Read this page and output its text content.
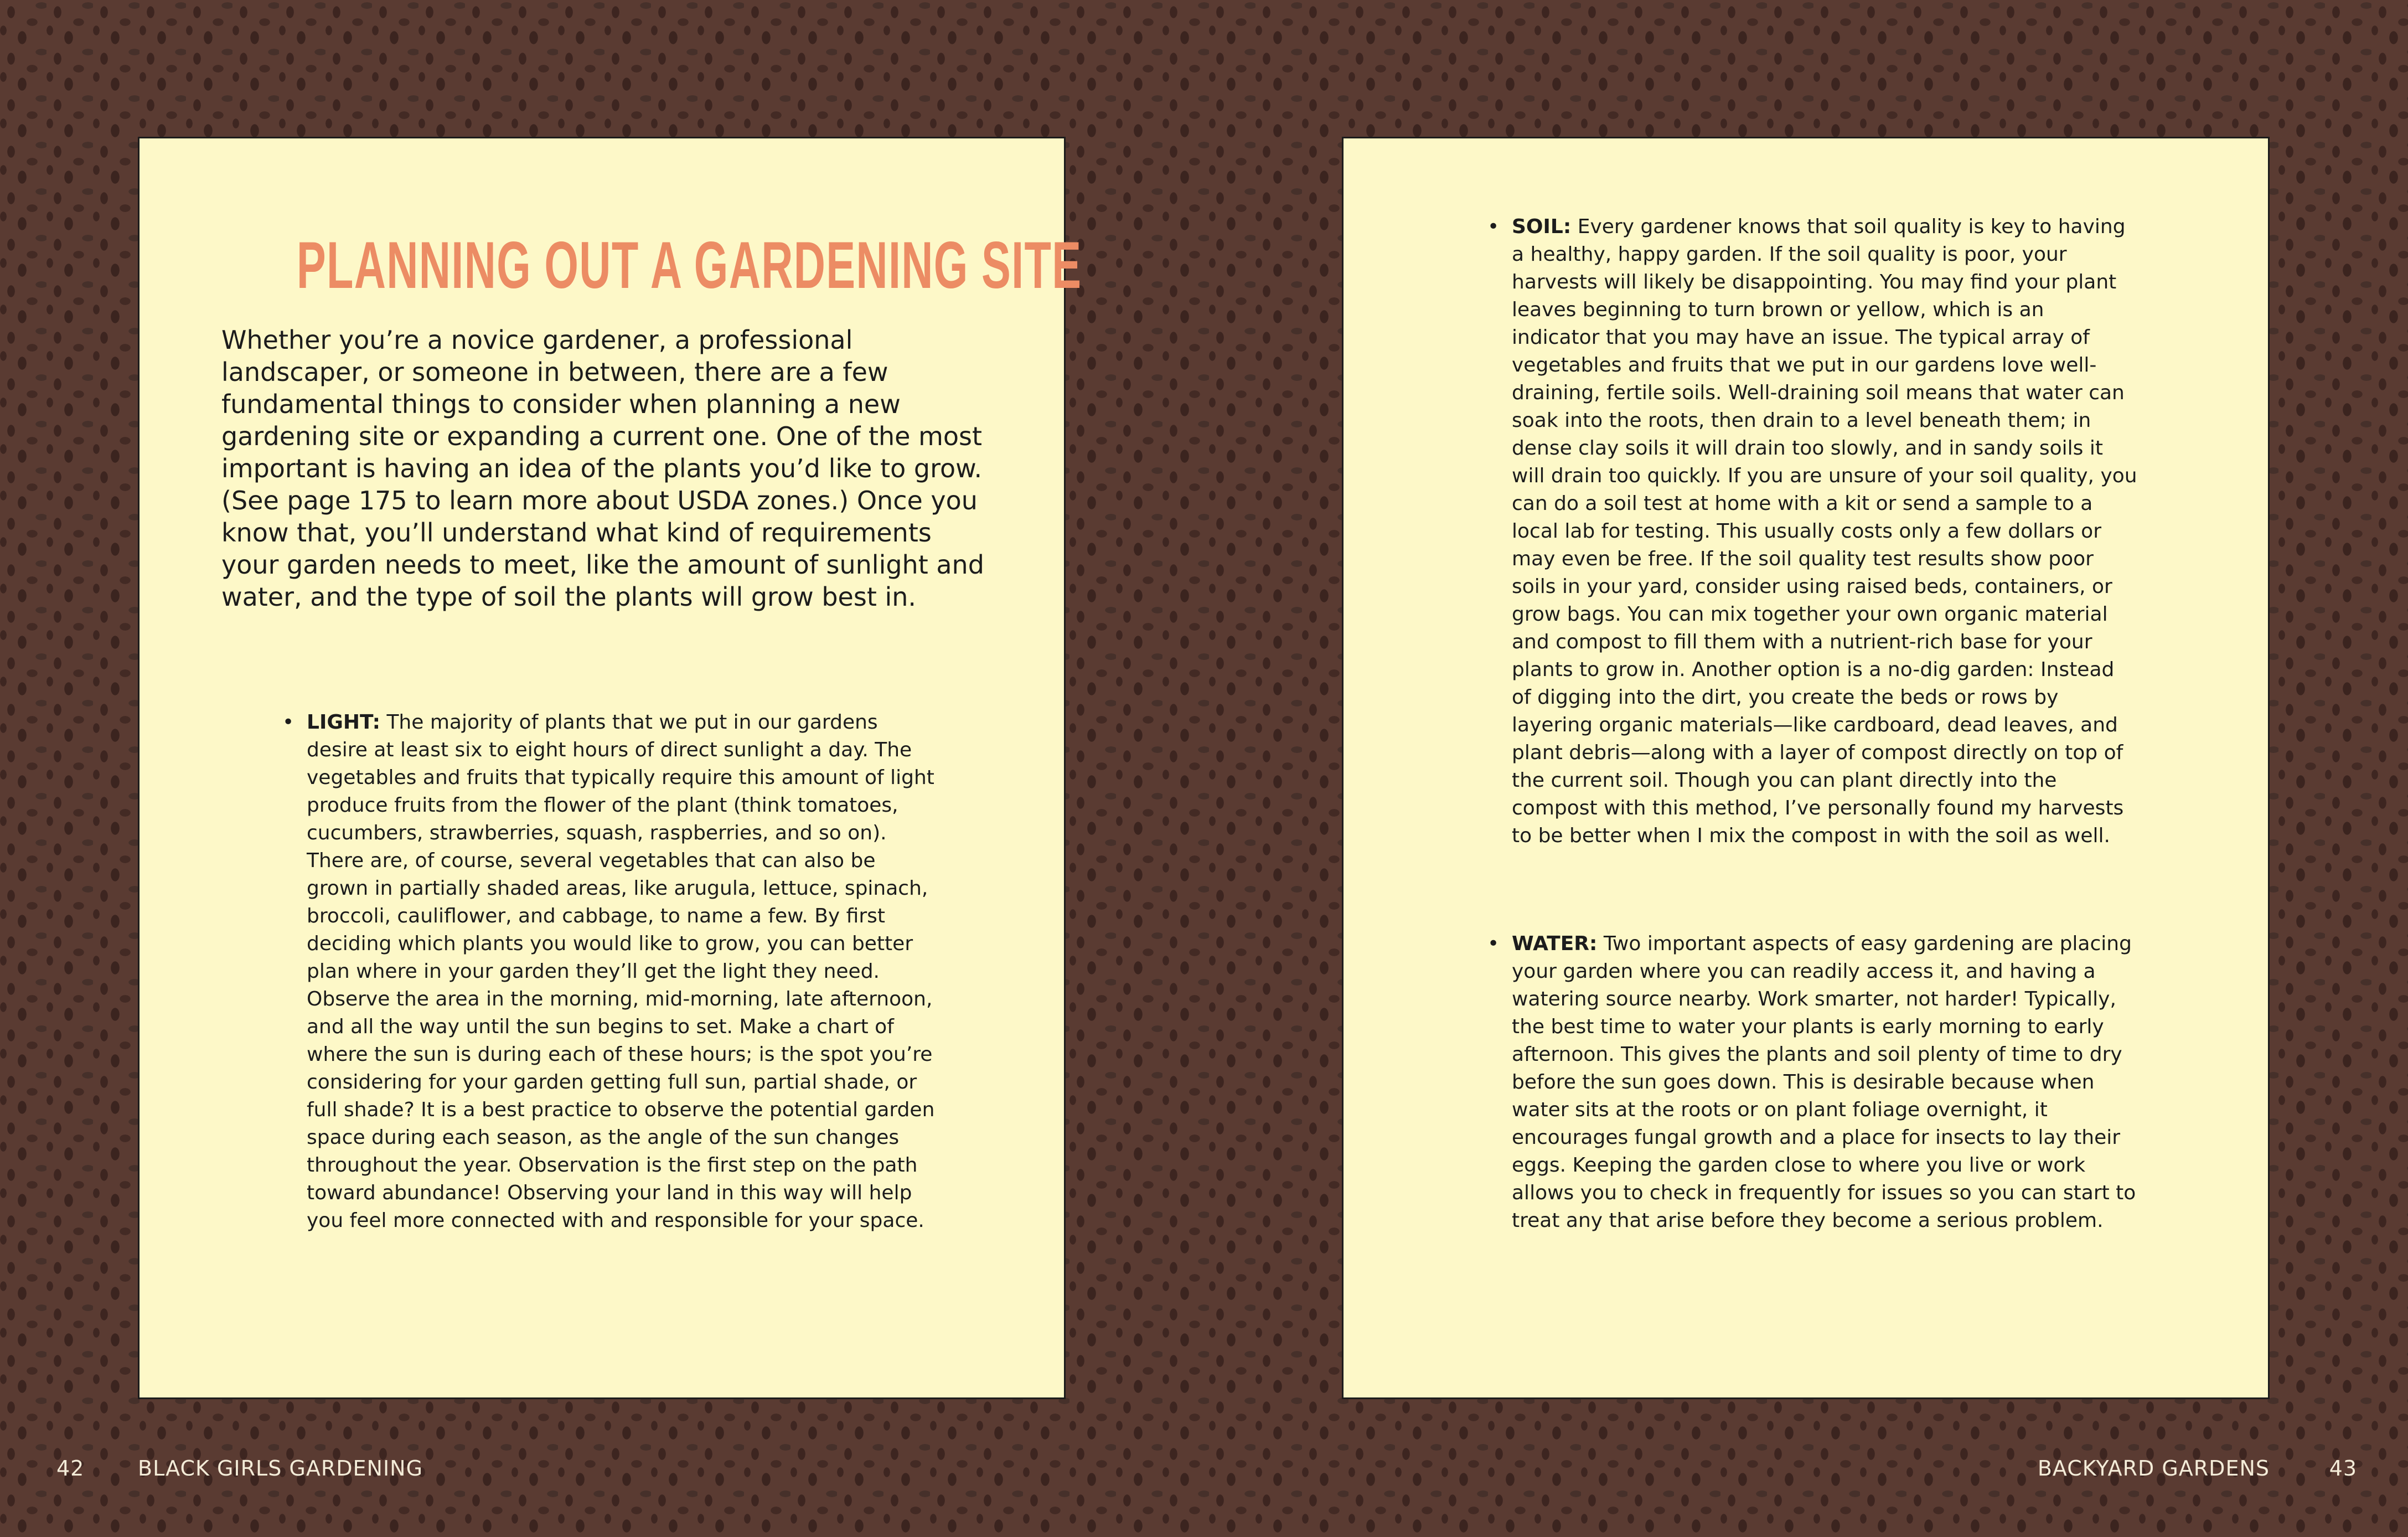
PLANNING OUT A GARDENING SITE

Whether you’re a novice gardener, a professional landscaper, or someone in between, there are a few fundamental things to consider when planning a new gardening site or expanding a current one. One of the most important is having an idea of the plants you’d like to grow. (See page 175 to learn more about USDA zones.) Once you know that, you’ll understand what kind of requirements your garden needs to meet, like the amount of sunlight and water, and the type of soil the plants will grow best in.

• LIGHT: The majority of plants that we put in our gardens desire at least six to eight hours of direct sunlight a day. The vegetables and fruits that typically require this amount of light produce fruits from the flower of the plant (think tomatoes, cucumbers, strawberries, squash, raspberries, and so on). There are, of course, several vegetables that can also be grown in partially shaded areas, like arugula, lettuce, spinach, broccoli, cauliflower, and cabbage, to name a few. By first deciding which plants you would like to grow, you can better plan where in your garden they’ll get the light they need. Observe the area in the morning, mid-morning, late afternoon, and all the way until the sun begins to set. Make a chart of where the sun is during each of these hours; is the spot you’re considering for your garden getting full sun, partial shade, or full shade? It is a best practice to observe the potential garden space during each season, as the angle of the sun changes throughout the year. Observation is the first step on the path toward abundance! Observing your land in this way will help you feel more connected with and responsible for your space.

• SOIL: Every gardener knows that soil quality is key to having a healthy, happy garden. If the soil quality is poor, your harvests will likely be disappointing. You may find your plant leaves beginning to turn brown or yellow, which is an indicator that you may have an issue. The typical array of vegetables and fruits that we put in our gardens love well-draining, fertile soils. Well-draining soil means that water can soak into the roots, then drain to a level beneath them; in dense clay soils it will drain too slowly, and in sandy soils it will drain too quickly. If you are unsure of your soil quality, you can do a soil test at home with a kit or send a sample to a local lab for testing. This usually costs only a few dollars or may even be free. If the soil quality test results show poor soils in your yard, consider using raised beds, containers, or grow bags. You can mix together your own organic material and compost to fill them with a nutrient-rich base for your plants to grow in. Another option is a no-dig garden: Instead of digging into the dirt, you create the beds or rows by layering organic materials—like cardboard, dead leaves, and plant debris—along with a layer of compost directly on top of the current soil. Though you can plant directly into the compost with this method, I’ve personally found my harvests to be better when I mix the compost in with the soil as well.

• WATER: Two important aspects of easy gardening are placing your garden where you can readily access it, and having a watering source nearby. Work smarter, not harder! Typically, the best time to water your plants is early morning to early afternoon. This gives the plants and soil plenty of time to dry before the sun goes down. This is desirable because when water sits at the roots or on plant foliage overnight, it encourages fungal growth and a place for insects to lay their eggs. Keeping the garden close to where you live or work allows you to check in frequently for issues so you can start to treat any that arise before they become a serious problem.

42	BLACK GIRLS GARDENING	BACKYARD GARDENS	43
